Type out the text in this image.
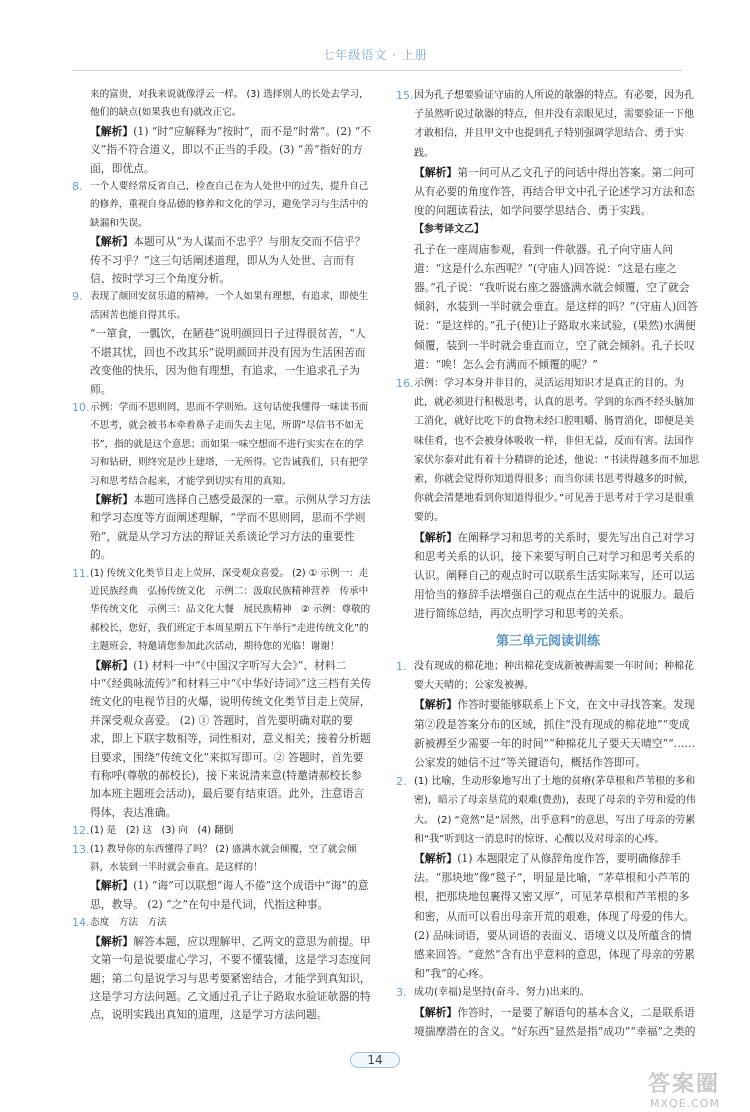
七年级语文 · 上册
来的富贵，对我来说就像浮云一样。 (3) 选择别人的长处去学习，他们的缺点(如果我也有)就改正它。
【解析】(1) “时”应解释为“按时”，而不是“时常”。(2) “不义”指不符合道义，即以不正当的手段。(3) “善”指好的方面，即优点。
8. 一个人要经常反省自己，检查自己在为人处世中的过失，提升自己的修养，重视自身品德的修养和文化的学习，避免学习与生活中的缺漏和失误。
【解析】本题可从“为人谋而不忠乎？与朋友交而不信乎？传不习乎？”这三句话阐述道理，即从为人处世、言而有信、按时学习三个角度分析。
9. 表现了颜回安贫乐道的精神。一个人如果有理想，有追求，即使生活困苦也能自得其乐。
“一箪食，一瓢饮，在陋巷”说明颜回日子过得很贫苦，“人不堪其忧，回也不改其乐”说明颜回并没有因为生活困苦而改变他的快乐，因为他有理想，有追求，一生追求孔子为师。
10. 示例：学而不思则罔，思而不学则殆。这句话使我懂得一味读书而不思考，就会被书本牵着鼻子走而失去主见，所谓“尽信书不如无书”，指的就是这个意思；而如果一味空想而不进行实实在在的学习和钻研，则终究是沙上建塔，一无所得。它告诫我们，只有把学习和思考结合起来，才能学到切实有用的真知。
【解析】本题可选择自己感受最深的一章。示例从学习方法和学习态度等方面阐述理解，“学而不思则罔，思而不学则殆”，就是从学习方法的辩证关系谈论学习方法的重要性的。
11. (1) 传统文化类节目走上荧屏，深受观众喜爱。 (2) ① 示例一：走近民族经典　弘扬传统文化　示例二：汲取民族精神营养　传承中华传统文化　示例三：品文化大餐　展民族精神　② 示例：尊敬的郝校长，您好，我们班定于本周星期五下午举行“走进传统文化”的主题班会，特邀请您参加此次活动，期待您的光临！谢谢！
【解析】(1) 材料一中“《中国汉字听写大会》”、材料二中“《经典咏流传》”和材料三中“《中华好诗词》”这三档有关传统文化的电视节目的火爆，说明传统文化类节目走上荧屏，并深受观众喜爱。 (2) ① 答题时，首先要明确对联的要求，即上下联字数相等，词性相对，意义相关；接着分析题目要求，围绕“传统文化”来拟写即可。② 答题时，首先要有称呼(尊敬的郝校长)，接下来说清来意(特邀请郝校长参加本班主题班会活动)，最后要有结束语。此外，注意语言得体，表达准确。
12. (1) 是　(2) 这　(3) 向　(4) 翻倒
13. (1) 教导你的东西懂得了吗？ (2) 盛满水就会倾覆，空了就会倾斜，水装到一半时就会垂直。是这样的！
【解析】(1) “诲”可以联想“诲人不倦”这个成语中“诲”的意思，教导。 (2) “之”在句中是代词，代指这种事。
14. 态度　方法　方法
【解析】解答本题，应以理解甲、乙两文的意思为前提。甲文第一句是说要虚心学习，不要不懂装懂，这是学习态度问题；第二句是说学习与思考要紧密结合，才能学到真知识，这是学习方法问题。乙文通过孔子让子路取水验证欹器的特点，说明实践出真知的道理，这是学习方法问题。
15. 因为孔子想要验证守庙的人所说的欹器的特点。有必要，因为孔子虽然听说过欹器的特点，但并没有亲眼见过，需要验证一下他才敢相信，并且甲文中也提到孔子特别强调学思结合、勇于实践。
【解析】第一问可从乙文孔子的问话中得出答案。第二问可从有必要的角度作答，再结合甲文中孔子论述学习方法和态度的问题读看法，如学问要学思结合、勇于实践。
【参考译文乙】
孔子在一座周庙参观，看到一件欹器。孔子向守庙人问道：“这是什么东西呢？”(守庙人)回答说：“这是右座之器。”孔子说：“我听说右座之器盛满水就会倾覆，空了就会倾斜，水装到一半时就会垂直。是这样的吗？”(守庙人)回答说：“是这样的。”孔子(使)让子路取水来试验，(果然)水满便倾覆，装到一半时就会垂直而立，空了就会倾斜。孔子长叹道：“唉！怎么会有满而不倾覆的呢？”
16. 示例：学习本身并非目的，灵活运用知识才是真正的目的。为此，就必须进行积极思考，认真的思考。学到的东西不经头脑加工消化，就好比吃下的食物未经口腔咀嚼、肠胃消化，即便是美味佳肴，也不会被身体吸收一样，非但无益，反而有害。法国作家伏尔泰对此有着十分精辟的论述，他说：“书读得越多而不加思索，你就会觉得你知道得很多；而当你读书思考得越多的时候，你就会清楚地看到你知道得很少。”可见善于思考对于学习是很重要的。
【解析】在阐释学习和思考的关系时，要先写出自己对学习和思考关系的认识，接下来要写明自己对学习和思考关系的认识。阐释自己的观点时可以联系生活实际来写，还可以运用恰当的修辞手法增强自己的观点在生活中的说服力。最后进行简练总结，再次点明学习和思考的关系。
第三单元阅读训练
1. 没有现成的棉花地；种出棉花变成新被褥需要一年时间；种棉花要大天晴的；公家发被褥。
【解析】作答时要能够联系上下文，在文中寻找答案。发现第②段是答案分布的区域，抓住“没有现成的棉花地”“变成新被褥至少需要一年的时间”“种棉花儿子要天天晴空”“……公家发的她信不过”等关键语句，概括作答即可。
2. (1) 比喻，生动形象地写出了土地的贫瘠(茅草根和芦苇根的多和密)，暗示了母亲垦荒的艰难(费劲)，表现了母亲的辛劳和爱的伟大。 (2) “竟然”是“居然，出乎意料”的意思，写出了母亲的劳累和“我”听到这一消息时的惊讶、心酸以及对母亲的心疼。
【解析】(1) 本题限定了从修辞角度作答，要明确修辞手法。“那块地”像“毯子”，明显是比喻，“茅草根和小芦苇的根，把那块地包裹得又密又厚”，可见茅草根和芦苇根的多和密，从而可以看出母亲开荒的艰难，体现了母爱的伟大。(2) 品味词语，要从词语的表面义、语境义以及所蕴含的情感来回答。“竟然”含有出乎意料的意思，体现了母亲的劳累和“我”的心疼。
3. 成功(幸福)是坚持(奋斗、努力)出来的。
【解析】作答时，一是要了解语句的基本含义，二是联系语境揣摩潜在的含义。“好东西”显然是指“成功”“幸福”之类的
14
答案圈
MXQE.COM
